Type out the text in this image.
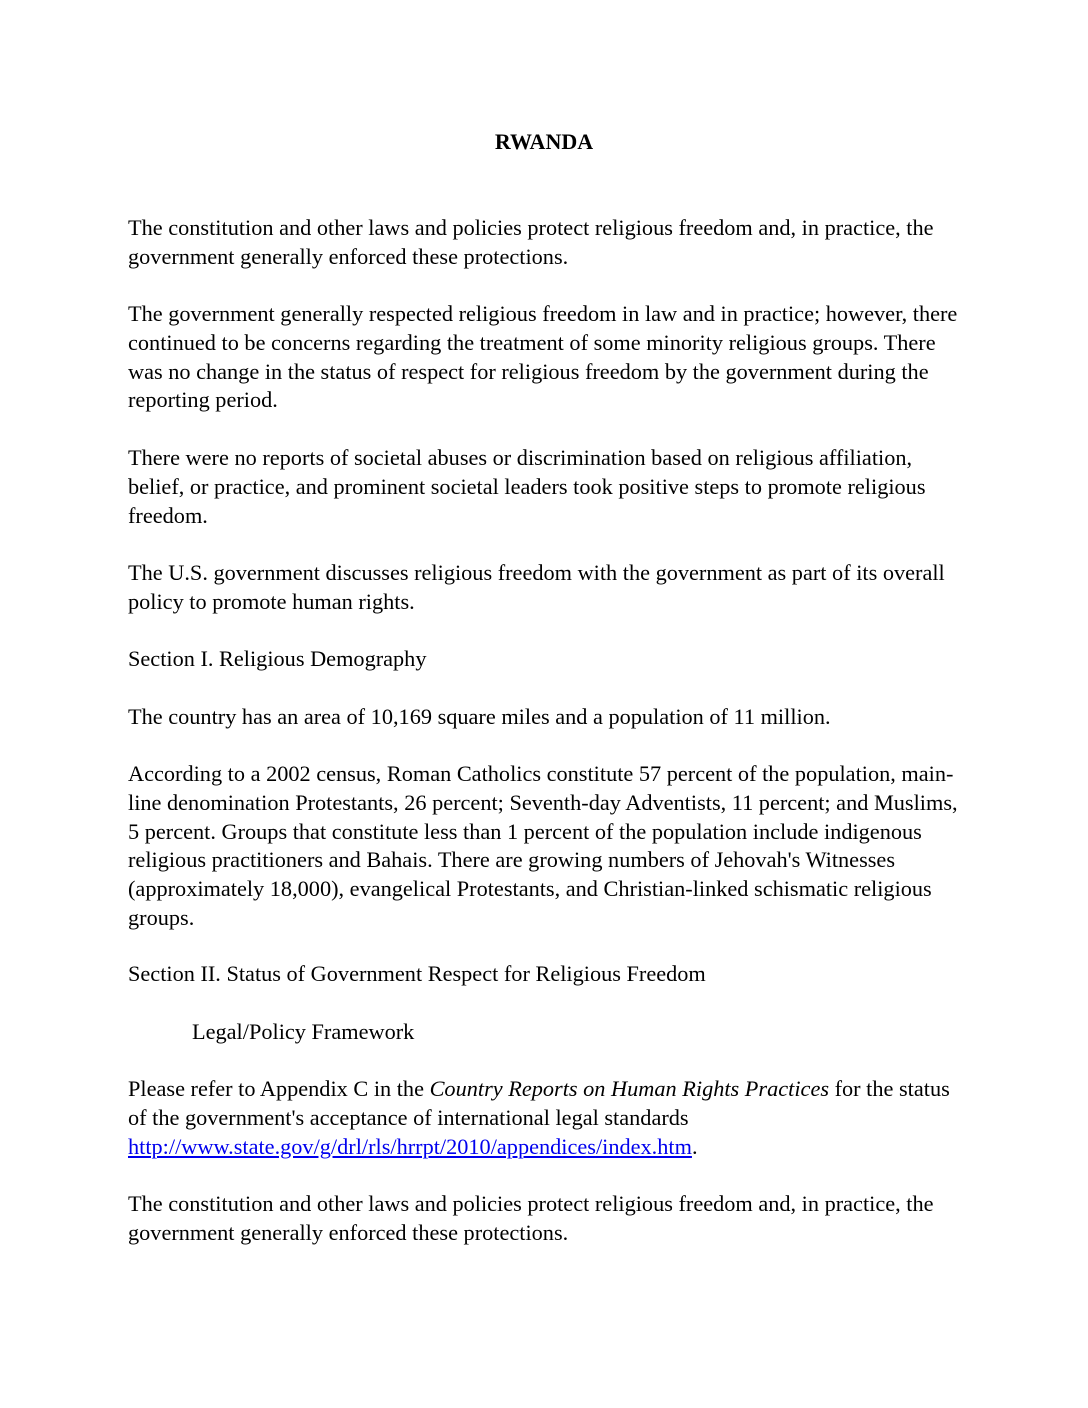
RWANDA

The constitution and other laws and policies protect religious freedom and, in practice, the government generally enforced these protections.

The government generally respected religious freedom in law and in practice; however, there continued to be concerns regarding the treatment of some minority religious groups. There was no change in the status of respect for religious freedom by the government during the reporting period.

There were no reports of societal abuses or discrimination based on religious affiliation, belief, or practice, and prominent societal leaders took positive steps to promote religious freedom.

The U.S. government discusses religious freedom with the government as part of its overall policy to promote human rights.

Section I. Religious Demography

The country has an area of 10,169 square miles and a population of 11 million.

According to a 2002 census, Roman Catholics constitute 57 percent of the population, main-line denomination Protestants, 26 percent; Seventh-day Adventists, 11 percent; and Muslims, 5 percent. Groups that constitute less than 1 percent of the population include indigenous religious practitioners and Bahais. There are growing numbers of Jehovah's Witnesses (approximately 18,000), evangelical Protestants, and Christian-linked schismatic religious groups.

Section II. Status of Government Respect for Religious Freedom

Legal/Policy Framework

Please refer to Appendix C in the Country Reports on Human Rights Practices for the status of the government's acceptance of international legal standards http://www.state.gov/g/drl/rls/hrrpt/2010/appendices/index.htm.

The constitution and other laws and policies protect religious freedom and, in practice, the government generally enforced these protections.
